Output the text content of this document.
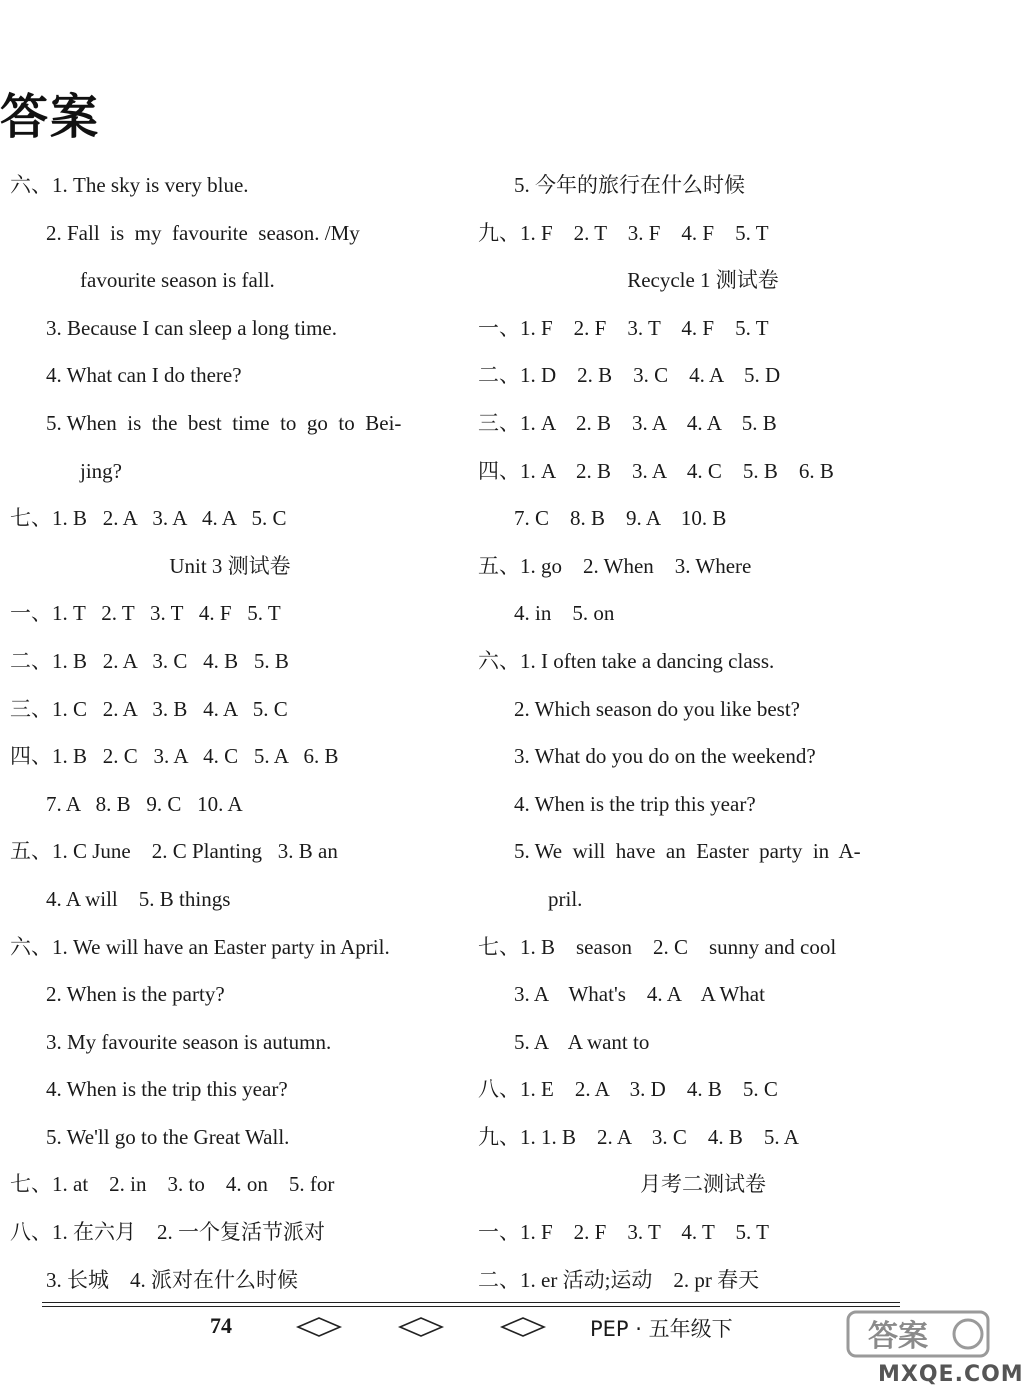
答案
六、1. The sky is very blue.
2. Fall  is  my  favourite  season. /My
favourite season is fall.
3. Because I can sleep a long time.
4. What can I do there?
5. When  is  the  best  time  to  go  to  Bei-
jing?
七、1. B   2. A   3. A   4. A   5. C
Unit 3 测试卷
一、1. T   2. T   3. T   4. F   5. T
二、1. B   2. A   3. C   4. B   5. B
三、1. C   2. A   3. B   4. A   5. C
四、1. B   2. C   3. A   4. C   5. A   6. B
7. A   8. B   9. C   10. A
五、1. C June    2. C Planting   3. B an
4. A will    5. B things
六、1. We will have an Easter party in April.
2. When is the party?
3. My favourite season is autumn.
4. When is the trip this year?
5. We'll go to the Great Wall.
七、1. at    2. in    3. to    4. on    5. for
八、1. 在六月    2. 一个复活节派对
3. 长城    4. 派对在什么时候
5. 今年的旅行在什么时候
九、1. F    2. T    3. F    4. F    5. T
Recycle 1 测试卷
一、1. F    2. F    3. T    4. F    5. T
二、1. D    2. B    3. C    4. A    5. D
三、1. A    2. B    3. A    4. A    5. B
四、1. A    2. B    3. A    4. C    5. B    6. B
7. C    8. B    9. A    10. B
五、1. go    2. When    3. Where
4. in    5. on
六、1. I often take a dancing class.
2. Which season do you like best?
3. What do you do on the weekend?
4. When is the trip this year?
5. We  will  have  an  Easter  party  in  A-
pril.
七、1. B    season    2. C    sunny and cool
3. A    What's    4. A    A What
5. A    A want to
八、1. E    2. A    3. D    4. B    5. C
九、1. 1. B    2. A    3. C    4. B    5. A
月考二测试卷
一、1. F    2. F    3. T    4. T    5. T
二、1. er 活动;运动    2. pr 春天
74	PEP · 五年级下	答案
MXQE.COM
